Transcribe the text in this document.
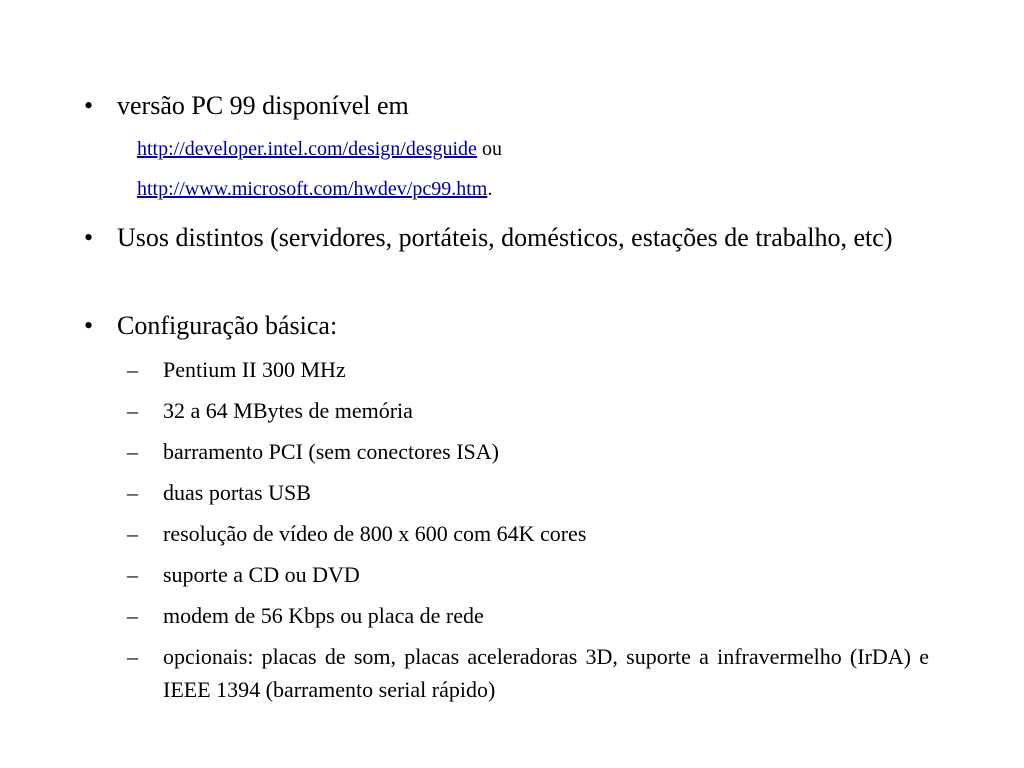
• versão PC 99 disponível em
http://developer.intel.com/design/desguide ou
http://www.microsoft.com/hwdev/pc99.htm.
• Usos distintos (servidores, portáteis, domésticos, estações de trabalho, etc)
• Configuração básica:
– Pentium II 300 MHz
– 32 a 64 MBytes de memória
– barramento PCI (sem conectores ISA)
– duas portas USB
– resolução de vídeo de 800 x 600 com 64K cores
– suporte a CD ou DVD
– modem de 56 Kbps ou placa de rede
– opcionais: placas de som, placas aceleradoras 3D, suporte a infravermelho (IrDA) e IEEE 1394 (barramento serial rápido)
